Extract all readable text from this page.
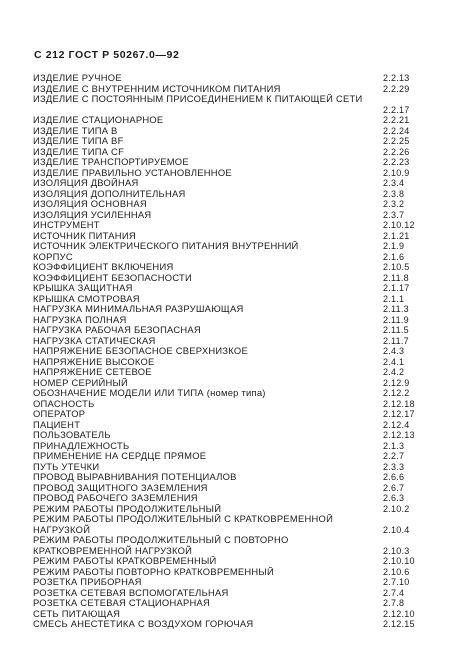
С 212 ГОСТ Р 50267.0—92
ИЗДЕЛИЕ РУЧНОЕ	2.2.13
ИЗДЕЛИЕ С ВНУТРЕННИМ ИСТОЧНИКОМ ПИТАНИЯ	2.2.29
ИЗДЕЛИЕ С ПОСТОЯННЫМ ПРИСОЕДИНЕНИЕМ К ПИТАЮЩЕЙ СЕТИ
2.2.17
ИЗДЕЛИЕ СТАЦИОНАРНОЕ	2.2.21
ИЗДЕЛИЕ ТИПА В	2.2.24
ИЗДЕЛИЕ ТИПА BF	2.2.25
ИЗДЕЛИЕ ТИПА CF	2.2.26
ИЗДЕЛИЕ ТРАНСПОРТИРУЕМОЕ	2.2.23
ИЗДЕЛИЕ ПРАВИЛЬНО УСТАНОВЛЕННОЕ	2.10.9
ИЗОЛЯЦИЯ ДВОЙНАЯ	2.3.4
ИЗОЛЯЦИЯ ДОПОЛНИТЕЛЬНАЯ	2.3.8
ИЗОЛЯЦИЯ ОСНОВНАЯ	2.3.2
ИЗОЛЯЦИЯ УСИЛЕННАЯ	2.3.7
ИНСТРУМЕНТ	2.10.12
ИСТОЧНИК ПИТАНИЯ	2.1.21
ИСТОЧНИК ЭЛЕКТРИЧЕСКОГО ПИТАНИЯ ВНУТРЕННИЙ	2.1.9
КОРПУС	2.1.6
КОЭФФИЦИЕНТ ВКЛЮЧЕНИЯ	2.10.5
КОЭФФИЦИЕНТ БЕЗОПАСНОСТИ	2.11.8
КРЫШКА ЗАЩИТНАЯ	2.1.17
КРЫШКА СМОТРОВАЯ	2.1.1
НАГРУЗКА МИНИМАЛЬНАЯ РАЗРУШАЮЩАЯ	2.11.3
НАГРУЗКА ПОЛНАЯ	2.11.9
НАГРУЗКА РАБОЧАЯ БЕЗОПАСНАЯ	2.11.5
НАГРУЗКА СТАТИЧЕСКАЯ	2.11.7
НАПРЯЖЕНИЕ БЕЗОПАСНОЕ СВЕРХНИЗКОЕ	2.4.3
НАПРЯЖЕНИЕ ВЫСОКОЕ	2.4.1
НАПРЯЖЕНИЕ СЕТЕВОЕ	2.4.2
НОМЕР СЕРИЙНЫЙ	2.12.9
ОБОЗНАЧЕНИЕ МОДЕЛИ ИЛИ ТИПА (номер типа)	2.12.2
ОПАСНОСТЬ	2.12.18
ОПЕРАТОР	2.12.17
ПАЦИЕНТ	2.12.4
ПОЛЬЗОВАТЕЛЬ	2.12.13
ПРИНАДЛЕЖНОСТЬ	2.1.3
ПРИМЕНЕНИЕ НА СЕРДЦЕ ПРЯМОЕ	2.2.7
ПУТЬ УТЕЧКИ	2.3.3
ПРОВОД ВЫРАВНИВАНИЯ ПОТЕНЦИАЛОВ	2.6.6
ПРОВОД ЗАЩИТНОГО ЗАЗЕМЛЕНИЯ	2.6.7
ПРОВОД РАБОЧЕГО ЗАЗЕМЛЕНИЯ	2.6.3
РЕЖИМ РАБОТЫ ПРОДОЛЖИТЕЛЬНЫЙ	2.10.2
РЕЖИМ РАБОТЫ ПРОДОЛЖИТЕЛЬНЫЙ С КРАТКОВРЕМЕННОЙ НАГРУЗКОЙ	2.10.4
РЕЖИМ РАБОТЫ ПРОДОЛЖИТЕЛЬНЫЙ С ПОВТОРНО КРАТКОВРЕМЕННОЙ НАГРУЗКОЙ	2.10.3
РЕЖИМ РАБОТЫ КРАТКОВРЕМЕННЫЙ	2.10.10
РЕЖИМ РАБОТЫ ПОВТОРНО КРАТКОВРЕМЕННЫЙ	2.10.6
РОЗЕТКА ПРИБОРНАЯ	2.7.10
РОЗЕТКА СЕТЕВАЯ ВСПОМОГАТЕЛЬНАЯ	2.7.4
РОЗЕТКА СЕТЕВАЯ СТАЦИОНАРНАЯ	2.7.8
СЕТЬ ПИТАЮЩАЯ	2.12.10
СМЕСЬ АНЕСТЕТИКА С ВОЗДУХОМ ГОРЮЧАЯ	2.12.15
